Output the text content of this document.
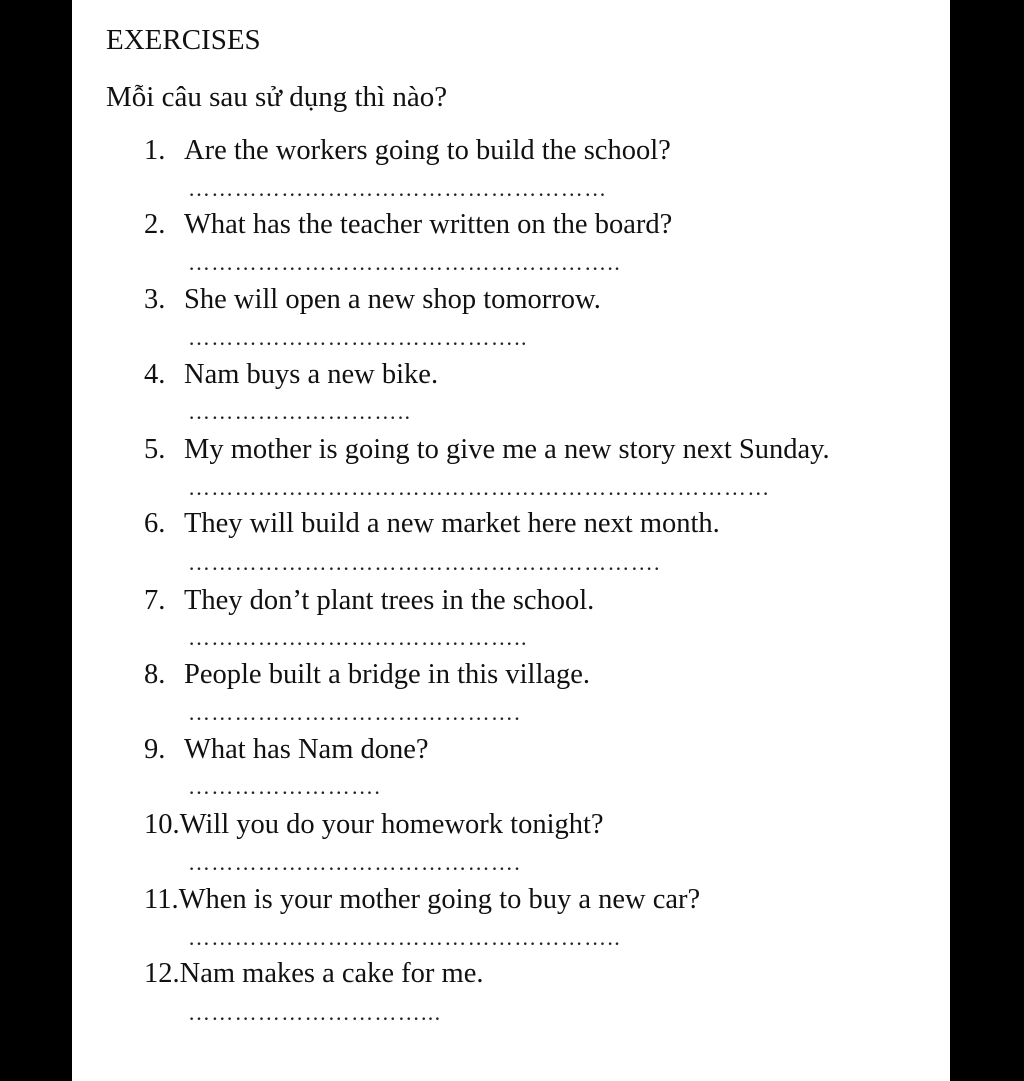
EXERCISES
Mỗi câu sau sử dụng thì nào?
1. Are the workers going to build the school?
………………………………………………
2. What has the teacher written on the board?
………………………………………………..
3. She will open a new shop tomorrow.
……………………………………..
4. Nam buys a new bike.
………………………..
5. My mother is going to give me a new story next Sunday.
…………………………………………………………………
6. They will build a new market here next month.
…………………………………………………….
7. They don’t plant trees in the school.
……………………………………..
8. People built a bridge in this village.
…………………………………….
9. What has Nam done?
…………………….
10.Will you do your homework tonight?
…………………………………….
11.When is your mother going to buy a new car?
………………………………………………..
12.Nam makes a cake for me.
…………………………...
